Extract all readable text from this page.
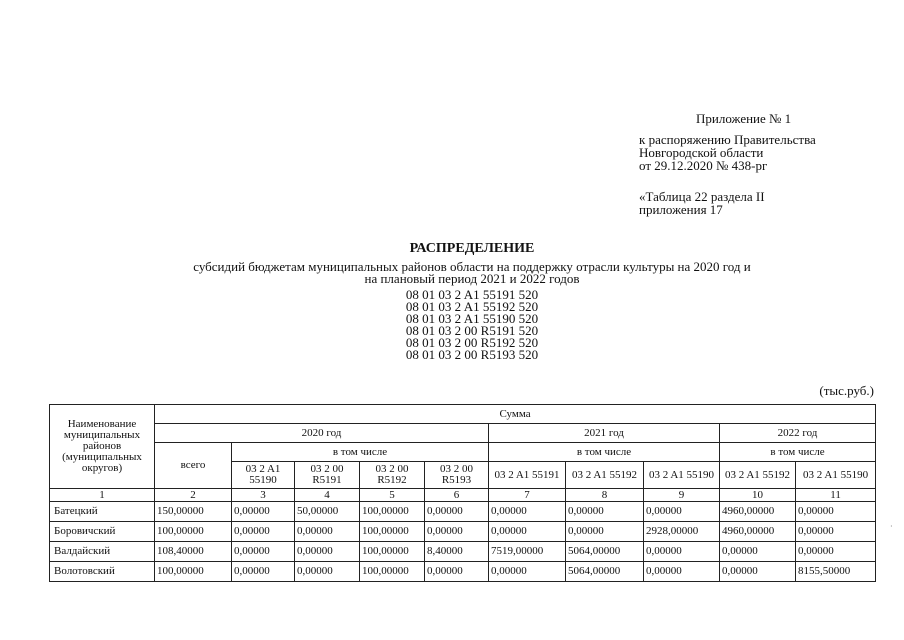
Приложение № 1
к распоряжению Правительства
Новгородской области
от 29.12.2020 № 438-рг
«Таблица 22 раздела II
приложения 17
РАСПРЕДЕЛЕНИЕ
субсидий бюджетам муниципальных районов области на поддержку отрасли культуры на 2020 год и
на плановый период 2021 и 2022 годов
08 01 03 2 A1 55191 520
08 01 03 2 A1 55192 520
08 01 03 2 A1 55190 520
08 01 03 2 00 R5191 520
08 01 03 2 00 R5192 520
08 01 03 2 00 R5193 520
(тыс.руб.)
Наименование муниципальных районов (муниципальных округов)	Сумма									
	2020 год					2021 год			2022 год	
	всего	в том числе				в том числе			в том числе	
		03 2 A1 55190	03 2 00 R5191	03 2 00 R5192	03 2 00 R5193	03 2 A1 55191	03 2 A1 55192	03 2 A1 55190	03 2 A1 55192	03 2 A1 55190
1	2	3	4	5	6	7	8	9	10	11
Батецкий	150,00000	0,00000	50,00000	100,00000	0,00000	0,00000	0,00000	0,00000	4960,00000	0,00000
Боровичский	100,00000	0,00000	0,00000	100,00000	0,00000	0,00000	0,00000	2928,00000	4960,00000	0,00000
Валдайский	108,40000	0,00000	0,00000	100,00000	8,40000	7519,00000	5064,00000	0,00000	0,00000	0,00000
Волотовский	100,00000	0,00000	0,00000	100,00000	0,00000	0,00000	5064,00000	0,00000	0,00000	8155,50000
·
